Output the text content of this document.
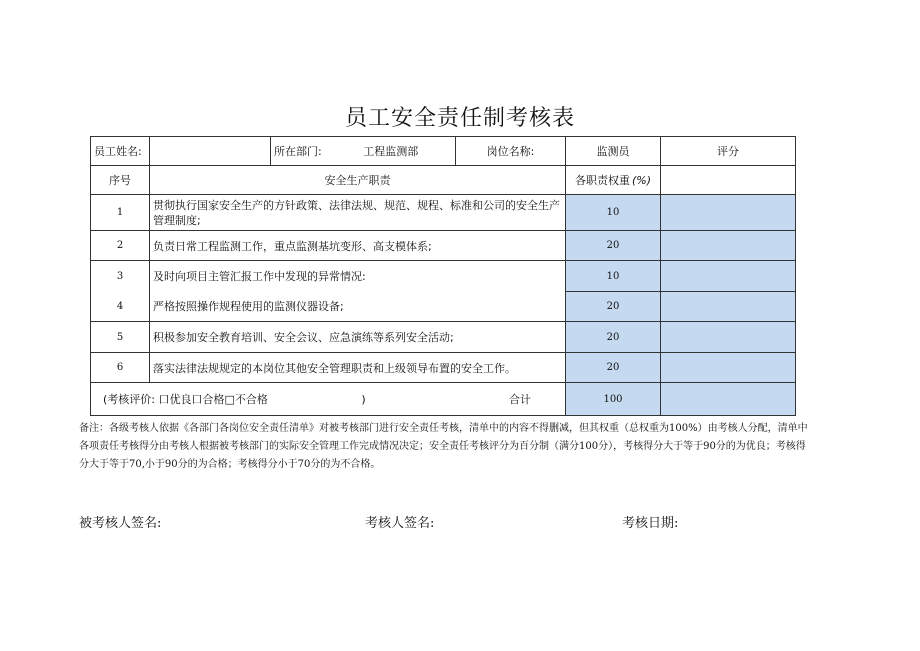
员工安全责任制考核表
员工姓名:		所在部门:	工程监测部	岗位名称:	监测员	评分
序号	安全生产职责				各职责权重 (%)	
1	贯彻执行国家安全生产的方针政策、法律法规、规范、规程、标准和公司的安全生产管理制度;				10	
2	负责日常工程监测工作，重点监测基坑变形、高支模体系;				20	
3	及时向项目主管汇报工作中发现的异常情况:				10	
4	严格按照操作规程使用的监测仪器设备;				20	
5	积极参加安全教育培训、安全会议、应急演练等系列安全活动;				20	
6	落实法律法规规定的本岗位其他安全管理职责和上级领导布置的安全工作。				20	
(考核评价: 口优良口合格□不合格 )				合计	100	
备注：各级考核人依据《各部门各岗位安全责任清单》对被考核部门进行安全责任考核，清单中的内容不得删减，但其权重（总权重为100%）由考核人分配，清单中各项责任考核得分由考核人根据被考核部门的实际安全管理工作完成情况决定；安全责任考核评分为百分制（满分100分），考核得分大于等于90分的为优良；考核得分大于等于70,小于90分的为合格；考核得分小于70分的为不合格。
被考核人签名:	考核人签名:	考核日期:
